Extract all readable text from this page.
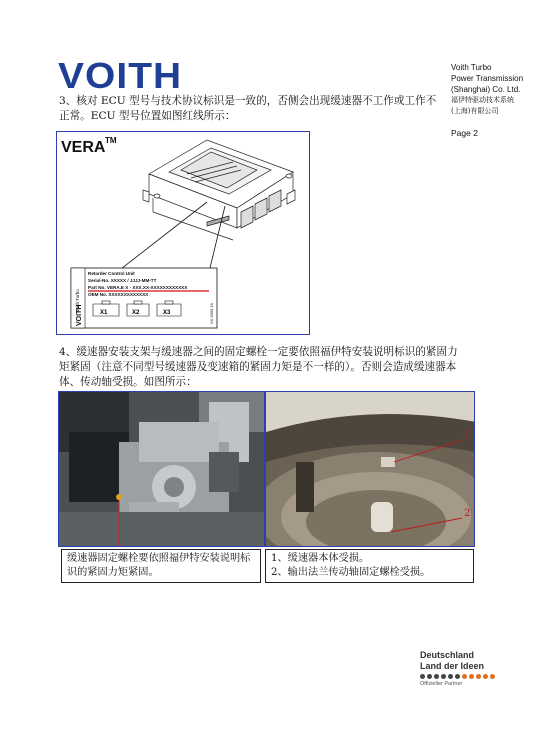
VOITH	Voith Turbo
Power Transmission
(Shanghai) Co. Ltd.
福伊特驱动技术系统
(上海)有限公司
Page 2
3、核对 ECU 型号与技术协议标识是一致的，否侧会出现缓速器不工作或工作不正常。ECU 型号位置如图红线所示：
VERA TM
Voith Turbo
VOITH
Retarder Control Unit
Serial-No. XXXXX / JJJJ-MM-TT
Part No. VERA.E X - XXX.XX-XXXXXXXXXXXX
OEM No. XXXXXXXXXXXXX
XX 5999 19
X1	X2	X3
4、缓速器安装支架与缓速器之间的固定螺栓一定要依照福伊特安装说明标识的紧固力矩紧固（注意不同型号缓速器及变速箱的紧固力矩是不一样的）。否则会造成缓速器本体、传动轴受损。如图所示：
1
2
缓速器固定螺栓要依照福伊特安装说明标识的紧固力矩紧固。
1、缓速器本体受损。
2、输出法兰传动轴固定螺栓受损。
Deutschland
Land der Ideen
Offizieller Partner
